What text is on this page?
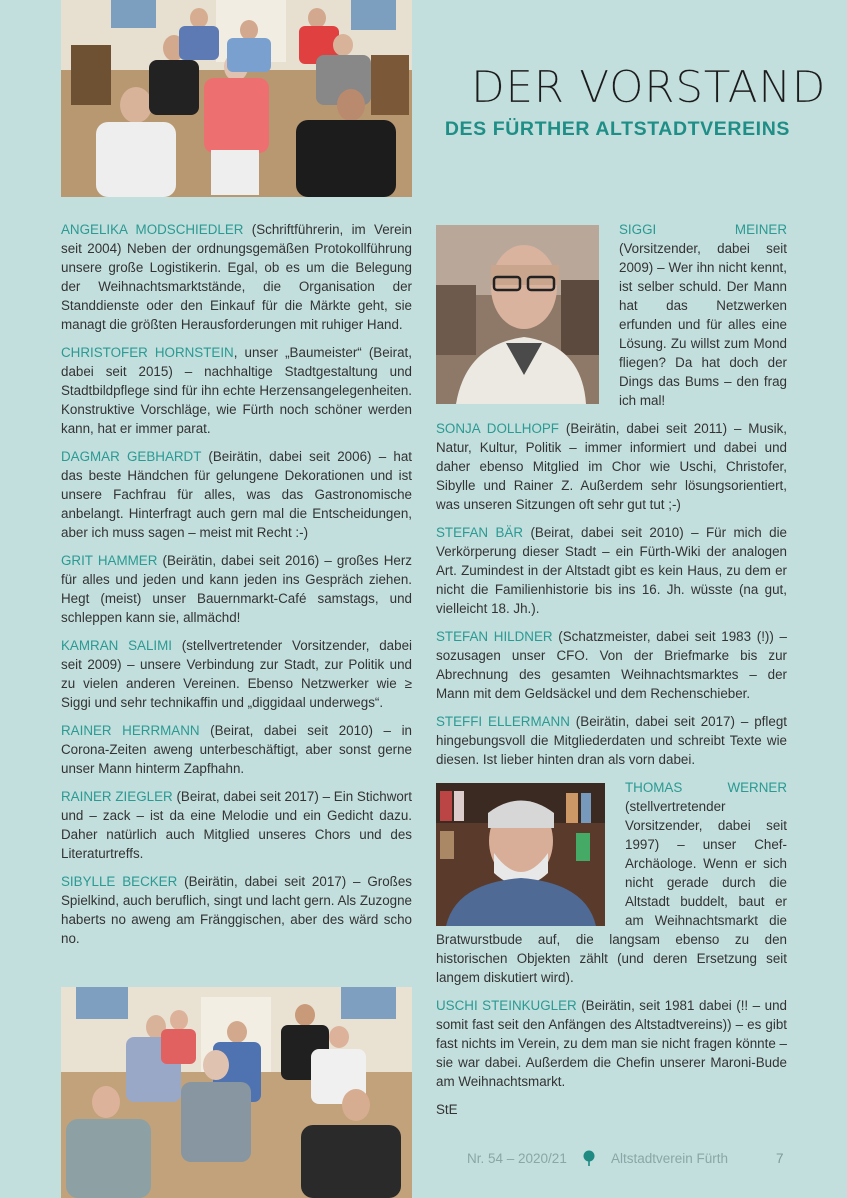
DER VORSTAND
DES FÜRTHER ALTSTADTVEREINS

ANGELIKA MODSCHIEDLER (Schriftführerin, im Verein seit 2004) Neben der ordnungsgemäßen Protokollführung unsere große Logistikerin. Egal, ob es um die Belegung der Weihnachtsmarktstände, die Organisation der Standdienste oder den Einkauf für die Märkte geht, sie managt die größten Herausforderungen mit ruhiger Hand.

CHRISTOFER HORNSTEIN, unser „Baumeister“ (Beirat, dabei seit 2015) – nachhaltige Stadtgestaltung und Stadtbildpflege sind für ihn echte Herzensangelegenheiten. Konstruktive Vorschläge, wie Fürth noch schöner werden kann, hat er immer parat.

DAGMAR GEBHARDT (Beirätin, dabei seit 2006) – hat das beste Händchen für gelungene Dekorationen und ist unsere Fachfrau für alles, was das Gastronomische anbelangt. Hinterfragt auch gern mal die Entscheidungen, aber ich muss sagen – meist mit Recht :-)

GRIT HAMMER (Beirätin, dabei seit 2016) – großes Herz für alles und jeden und kann jeden ins Gespräch ziehen. Hegt (meist) unser Bauernmarkt-Café samstags, und schleppen kann sie, allmächd!

KAMRAN SALIMI (stellvertretender Vorsitzender, dabei seit 2009) – unsere Verbindung zur Stadt, zur Politik und zu vielen anderen Vereinen. Ebenso Netzwerker wie ≥ Siggi und sehr technikaffin und „diggidaal underwegs“.

RAINER HERRMANN (Beirat, dabei seit 2010) – in Corona-Zeiten aweng unterbeschäftigt, aber sonst gerne unser Mann hinterm Zapfhahn.

RAINER ZIEGLER (Beirat, dabei seit 2017) – Ein Stichwort und – zack – ist da eine Melodie und ein Gedicht dazu. Daher natürlich auch Mitglied unseres Chors und des Literaturtreffs.

SIBYLLE BECKER (Beirätin, dabei seit 2017) – Großes Spielkind, auch beruflich, singt und lacht gern. Als Zuzogne haberts no aweng am Fränggischen, aber des wärd scho no.

SIGGI MEINER (Vorsitzender, dabei seit 2009) – Wer ihn nicht kennt, ist selber schuld. Der Mann hat das Netzwerken erfunden und für alles eine Lösung. Zu willst zum Mond fliegen? Da hat doch der Dings das Bums – den frag ich mal!

SONJA DOLLHOPF (Beirätin, dabei seit 2011) – Musik, Natur, Kultur, Politik – immer informiert und dabei und daher ebenso Mitglied im Chor wie Uschi, Christofer, Sibylle und Rainer Z. Außerdem sehr lösungsorientiert, was unseren Sitzungen oft sehr gut tut ;-)

STEFAN BÄR (Beirat, dabei seit 2010) – Für mich die Verkörperung dieser Stadt – ein Fürth-Wiki der analogen Art. Zumindest in der Altstadt gibt es kein Haus, zu dem er nicht die Familienhistorie bis ins 16. Jh. wüsste (na gut, vielleicht 18. Jh.).

STEFAN HILDNER (Schatzmeister, dabei seit 1983 (!)) – sozusagen unser CFO. Von der Briefmarke bis zur Abrechnung des gesamten Weihnachtsmarktes – der Mann mit dem Geldsäckel und dem Rechenschieber.

STEFFI ELLERMANN (Beirätin, dabei seit 2017) – pflegt hingebungsvoll die Mitgliederdaten und schreibt Texte wie diesen. Ist lieber hinten dran als vorn dabei.

THOMAS WERNER (stellvertretender Vorsitzender, dabei seit 1997) – unser Chef-Archäologe. Wenn er sich nicht gerade durch die Altstadt buddelt, baut er am Weihnachtsmarkt die Bratwurstbude auf, die langsam ebenso zu den historischen Objekten zählt (und deren Ersetzung seit langem diskutiert wird).

USCHI STEINKUGLER (Beirätin, seit 1981 dabei (!! – und somit fast seit den Anfängen des Altstadtvereins)) – es gibt fast nichts im Verein, zu dem man sie nicht fragen könnte – sie war dabei. Außerdem die Chefin unserer Maroni-Bude am Weihnachtsmarkt.

StE

Nr. 54 – 2020/21	Altstadtverein Fürth	7
